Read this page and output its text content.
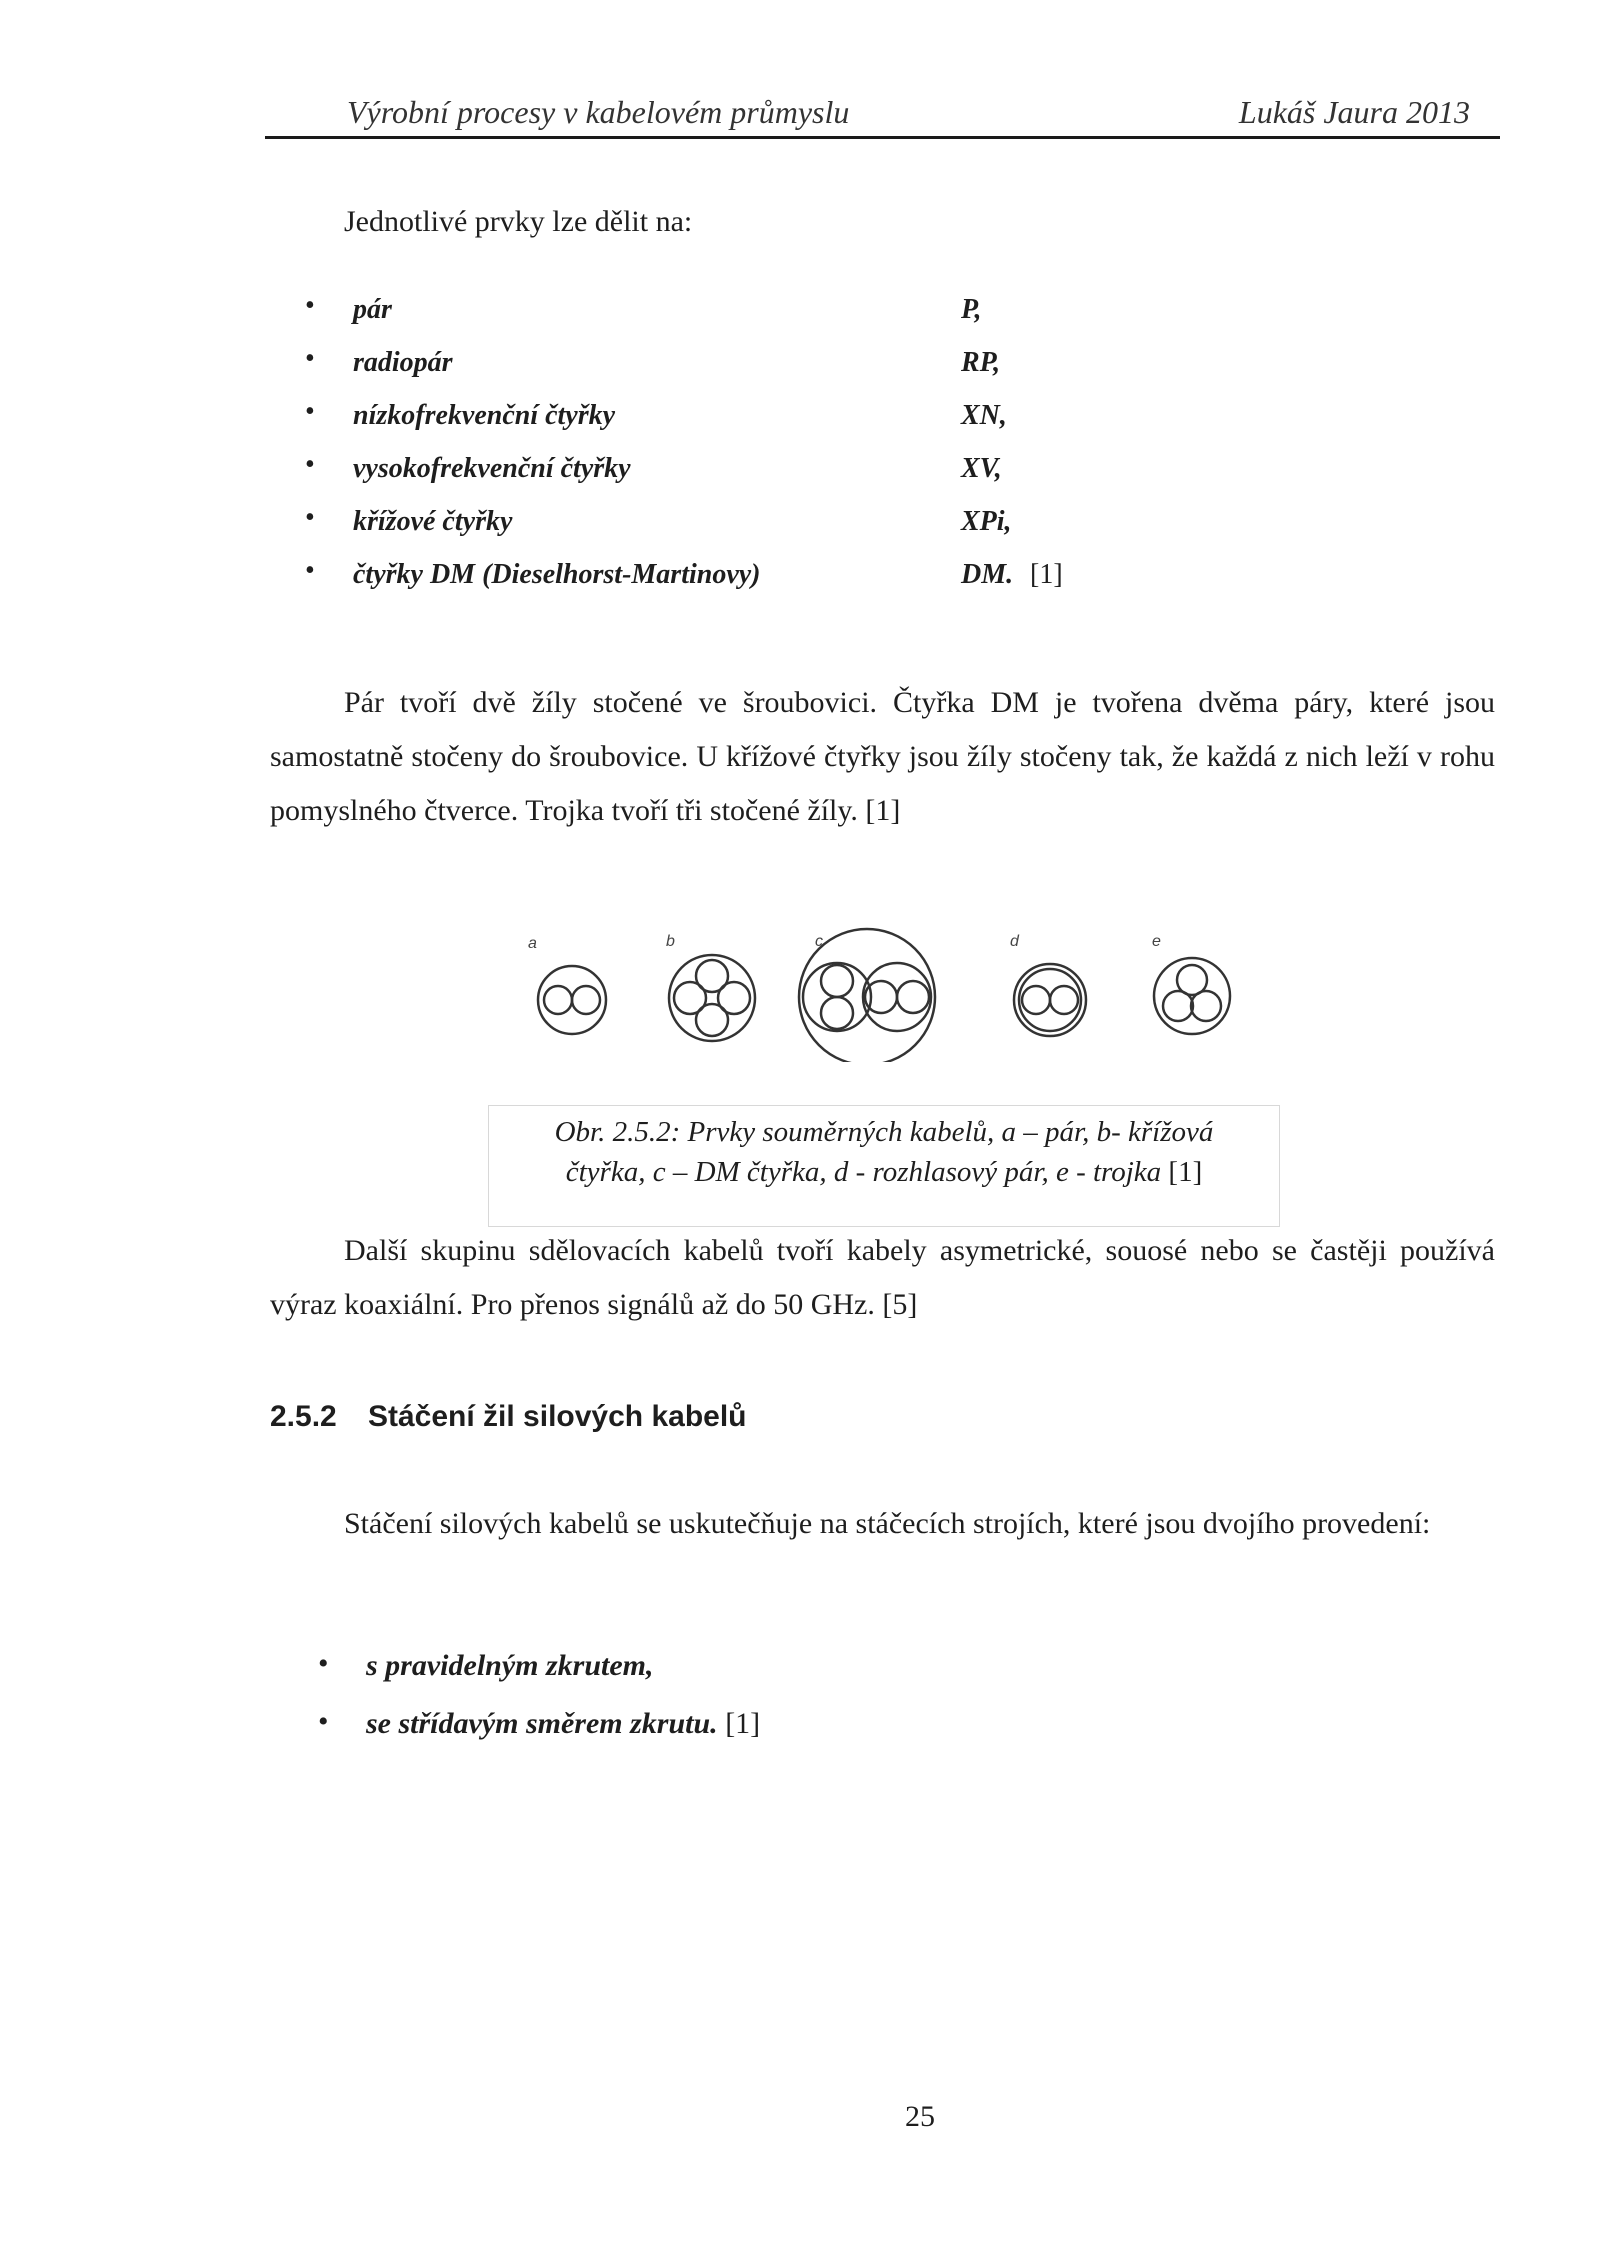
Výrobní procesy v kabelovém průmyslu	Lukáš Jaura 2013
Jednotlivé prvky lze dělit na:
• pár	P,
• radiopár	RP,
• nízkofrekvenční čtyřky	XN,
• vysokofrekvenční čtyřky	XV,
• křížové čtyřky	XPi,
• čtyřky DM (Dieselhorst-Martinovy)	DM. [1]
Pár tvoří dvě žíly stočené ve šroubovici. Čtyřka DM je tvořena dvěma páry, které jsou samostatně stočeny do šroubovice. U křížové čtyřky jsou žíly stočeny tak, že každá z nich leží v rohu pomyslného čtverce. Trojka tvoří tři stočené žíly. [1]
a	b	c	d	e
Obr. 2.5.2: Prvky souměrných kabelů, a – pár, b- křížová
čtyřka, c – DM čtyřka, d - rozhlasový pár, e - trojka [1]
Další skupinu sdělovacích kabelů tvoří kabely asymetrické, souosé nebo se častěji používá výraz koaxiální. Pro přenos signálů až do 50 GHz. [5]
2.5.2 Stáčení žil silových kabelů
Stáčení silových kabelů se uskutečňuje na stáčecích strojích, které jsou dvojího provedení:
• s pravidelným zkrutem,
• se střídavým směrem zkrutu. [1]
25
